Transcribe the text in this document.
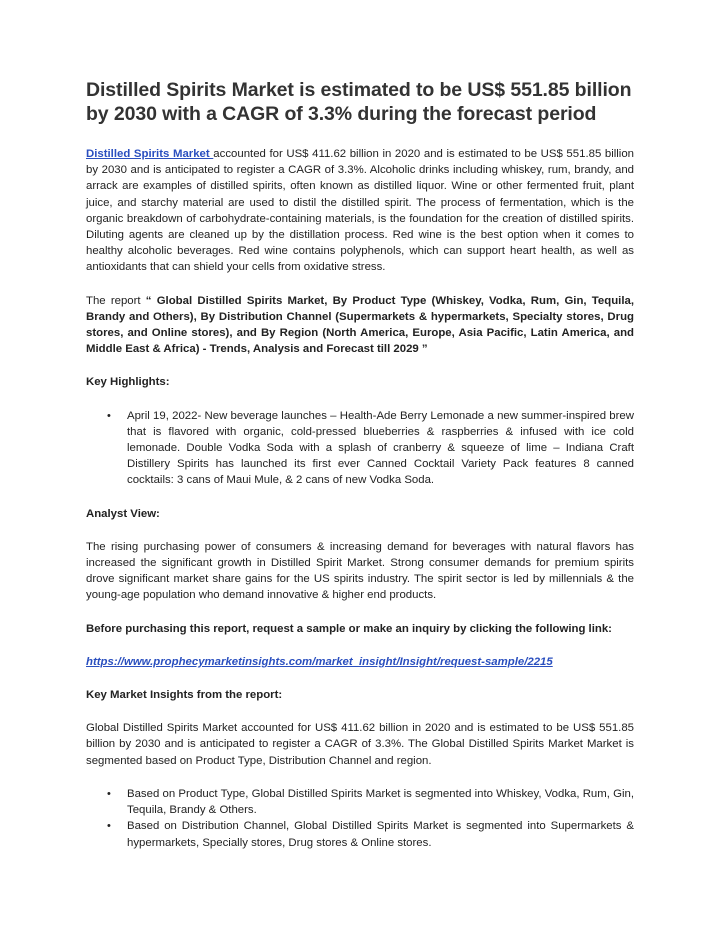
Distilled Spirits Market is estimated to be US$ 551.85 billion by 2030 with a CAGR of 3.3% during the forecast period

Distilled Spirits Market accounted for US$ 411.62 billion in 2020 and is estimated to be US$ 551.85 billion by 2030 and is anticipated to register a CAGR of 3.3%. Alcoholic drinks including whiskey, rum, brandy, and arrack are examples of distilled spirits, often known as distilled liquor. Wine or other fermented fruit, plant juice, and starchy material are used to distil the distilled spirit. The process of fermentation, which is the organic breakdown of carbohydrate-containing materials, is the foundation for the creation of distilled spirits. Diluting agents are cleaned up by the distillation process. Red wine is the best option when it comes to healthy alcoholic beverages. Red wine contains polyphenols, which can support heart health, as well as antioxidants that can shield your cells from oxidative stress.

The report “ Global Distilled Spirits Market, By Product Type (Whiskey, Vodka, Rum, Gin, Tequila, Brandy and Others), By Distribution Channel (Supermarkets & hypermarkets, Specialty stores, Drug stores, and Online stores), and By Region (North America, Europe, Asia Pacific, Latin America, and Middle East & Africa) - Trends, Analysis and Forecast till 2029 ”

Key Highlights:

• April 19, 2022- New beverage launches – Health-Ade Berry Lemonade a new summer-inspired brew that is flavored with organic, cold-pressed blueberries & raspberries & infused with ice cold lemonade. Double Vodka Soda with a splash of cranberry & squeeze of lime – Indiana Craft Distillery Spirits has launched its first ever Canned Cocktail Variety Pack features 8 canned cocktails: 3 cans of Maui Mule, & 2 cans of new Vodka Soda.

Analyst View:

The rising purchasing power of consumers & increasing demand for beverages with natural flavors has increased the significant growth in Distilled Spirit Market. Strong consumer demands for premium spirits drove significant market share gains for the US spirits industry. The spirit sector is led by millennials & the young-age population who demand innovative & higher end products.

Before purchasing this report, request a sample or make an inquiry by clicking the following link:

https://www.prophecymarketinsights.com/market_insight/Insight/request-sample/2215

Key Market Insights from the report:

Global Distilled Spirits Market accounted for US$ 411.62 billion in 2020 and is estimated to be US$ 551.85 billion by 2030 and is anticipated to register a CAGR of 3.3%. The Global Distilled Spirits Market Market is segmented based on Product Type, Distribution Channel and region.

• Based on Product Type, Global Distilled Spirits Market is segmented into Whiskey, Vodka, Rum, Gin, Tequila, Brandy & Others.
• Based on Distribution Channel, Global Distilled Spirits Market is segmented into Supermarkets & hypermarkets, Specially stores, Drug stores & Online stores.
